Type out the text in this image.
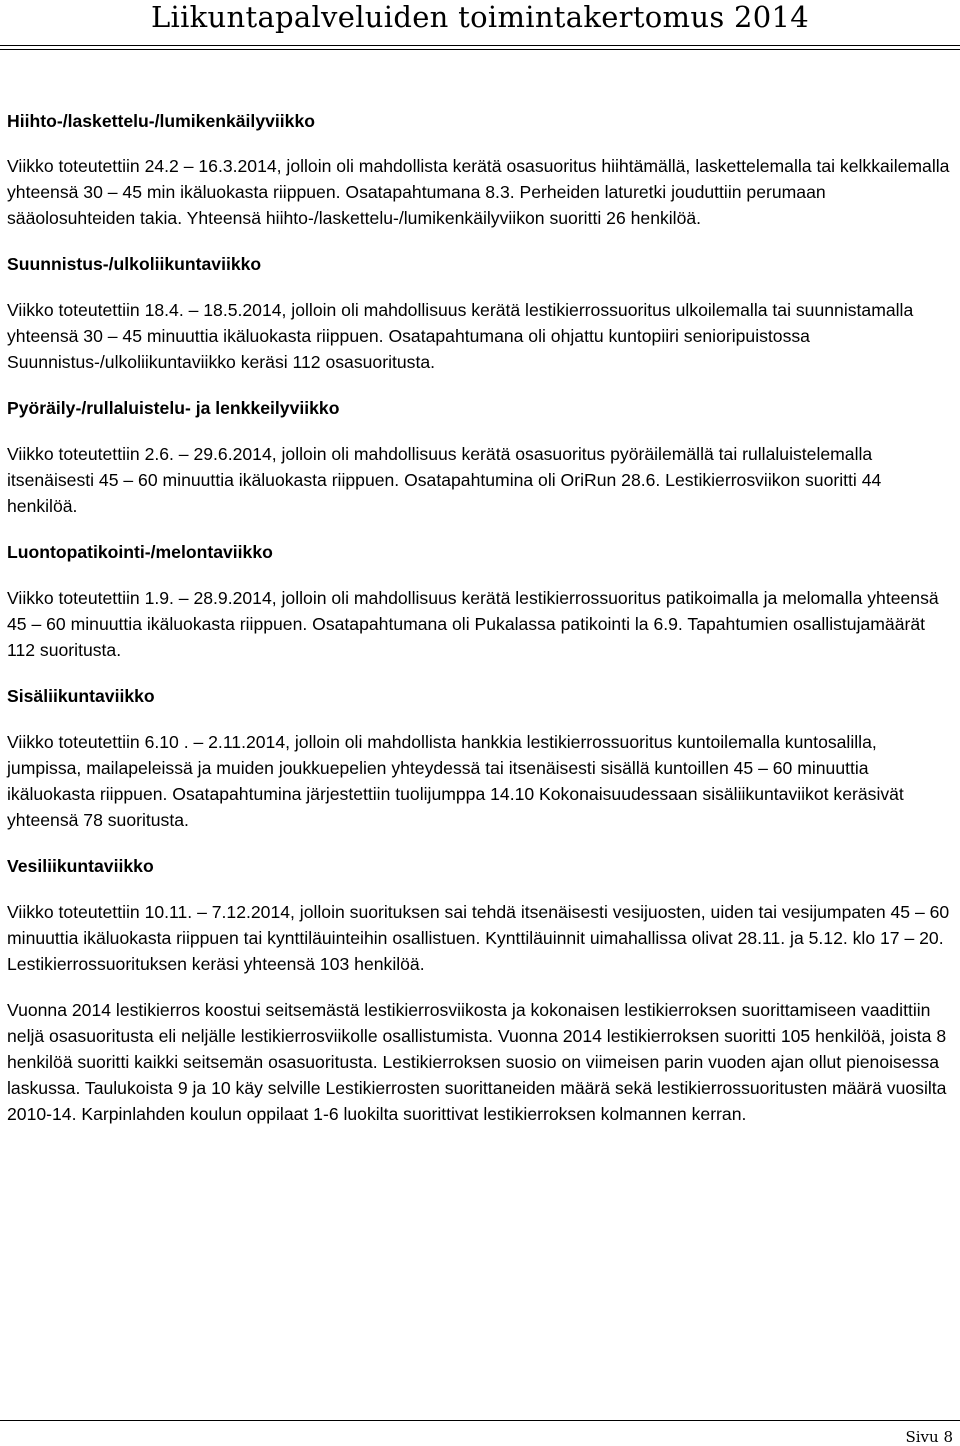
Liikuntapalveluiden toimintakertomus 2014
Hiihto-/laskettelu-/lumikenkäilyviikko

Viikko toteutettiin 24.2 – 16.3.2014, jolloin oli mahdollista kerätä osasuoritus hiihtämällä, laskettelemalla tai kelkkailemalla yhteensä 30 – 45 min ikäluokasta riippuen. Osatapahtumana 8.3. Perheiden laturetki jouduttiin perumaan sääolosuhteiden takia. Yhteensä hiihto-/laskettelu-/lumikenkäilyviikon suoritti 26 henkilöä.

Suunnistus-/ulkoliikuntaviikko

Viikko toteutettiin 18.4. – 18.5.2014, jolloin oli mahdollisuus kerätä lestikierrossuoritus ulkoilemalla tai suunnistamalla yhteensä 30 – 45 minuuttia ikäluokasta riippuen. Osatapahtumana oli ohjattu kuntopiiri senioripuistossa Suunnistus-/ulkoliikuntaviikko keräsi 112 osasuoritusta.

Pyöräily-/rullaluistelu- ja lenkkeilyviikko

Viikko toteutettiin 2.6. – 29.6.2014, jolloin oli mahdollisuus kerätä osasuoritus pyöräilemällä tai rullaluistelemalla itsenäisesti 45 – 60 minuuttia ikäluokasta riippuen. Osatapahtumina oli OriRun 28.6. Lestikierrosviikon suoritti 44 henkilöä.

Luontopatikointi-/melontaviikko

Viikko toteutettiin 1.9. – 28.9.2014, jolloin oli mahdollisuus kerätä lestikierrossuoritus patikoimalla ja melomalla yhteensä 45 – 60 minuuttia ikäluokasta riippuen. Osatapahtumana oli Pukalassa patikointi la 6.9. Tapahtumien osallistujamäärät 112 suoritusta.

Sisäliikuntaviikko

Viikko toteutettiin 6.10 . – 2.11.2014, jolloin oli mahdollista hankkia lestikierrossuoritus kuntoilemalla kuntosalilla, jumpissa, mailapeleissä ja muiden joukkuepelien yhteydessä tai itsenäisesti sisällä kuntoillen 45 – 60 minuuttia ikäluokasta riippuen. Osatapahtumina järjestettiin tuolijumppa 14.10 Kokonaisuudessaan sisäliikuntaviikot keräsivät yhteensä 78 suoritusta.

Vesiliikuntaviikko

Viikko toteutettiin 10.11. – 7.12.2014, jolloin suorituksen sai tehdä itsenäisesti vesijuosten, uiden tai vesijumpaten 45 – 60 minuuttia ikäluokasta riippuen tai kynttiläuinteihin osallistuen. Kynttiläuinnit uimahallissa olivat 28.11. ja 5.12. klo 17 – 20. Lestikierrossuorituksen keräsi yhteensä 103 henkilöä.

Vuonna 2014 lestikierros koostui seitsemästä lestikierrosviikosta ja kokonaisen lestikierroksen suorittamiseen vaadittiin neljä osasuoritusta eli neljälle lestikierrosviikolle osallistumista. Vuonna 2014 lestikierroksen suoritti 105 henkilöä, joista 8 henkilöä suoritti kaikki seitsemän osasuoritusta. Lestikierroksen suosio on viimeisen parin vuoden ajan ollut pienoisessa laskussa. Taulukoista 9 ja 10 käy selville Lestikierrosten suorittaneiden määrä sekä lestikierrossuoritusten määrä vuosilta 2010-14. Karpinlahden koulun oppilaat 1-6 luokilta suorittivat lestikierroksen kolmannen kerran.

Sivu 8
